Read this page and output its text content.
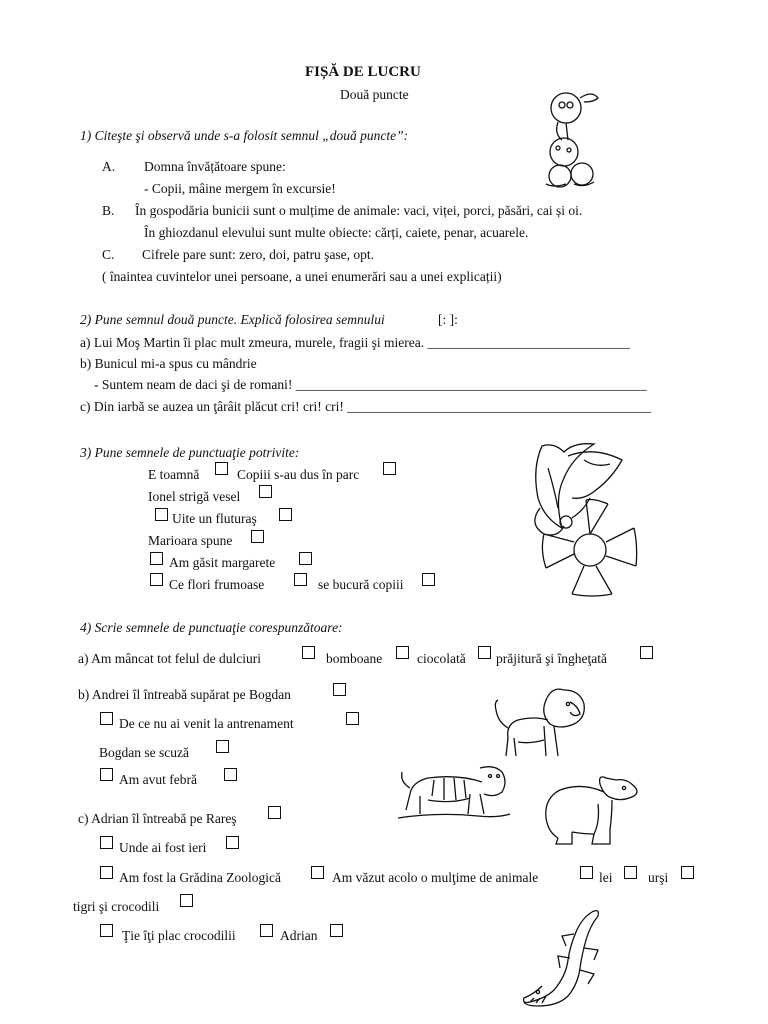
FIȘĂ DE LUCRU
Două puncte
1) Citeşte şi observă unde s-a folosit semnul „două puncte”:
A. Domna învățătoare spune:
- Copii, mâine mergem în excursie!
B. În gospodăria bunicii sunt o mulțime de animale: vaci, viței, porci, păsări, cai și oi.
În ghiozdanul elevului sunt multe obiecte: cărți, caiete, penar, acuarele.
C. Cifrele pare sunt: zero, doi, patru şase, opt.
( înaintea cuvintelor unei persoane, a unei enumerări sau a unei explicații)
2) Pune semnul două puncte. Explică folosirea semnului	[: ]:
a) Lui Moş Martin îi plac mult zmeura, murele, fragii şi mierea. ______________________________
b) Bunicul mi-a spus cu mândrie
- Suntem neam de daci şi de romani! ____________________________________________________
c) Din iarbă se auzea un ţârâit plăcut cri! cri! cri! _____________________________________________
3) Pune semnele de punctuaţie potrivite:
E toamnă	Copiii s-au dus în parc
Ionel strigă vesel
Uite un fluturaş
Marioara spune
Am găsit margarete
Ce flori frumoase	se bucură copiii
4) Scrie semnele de punctuaţie corespunzătoare:
a) Am mâncat tot felul de dulciuri	bomboane	ciocolată prăjitură şi îngheţată
b) Andrei îl întreabă supărat pe Bogdan
De ce nu ai venit la antrenament
Bogdan se scuză
Am avut febră
c) Adrian îl întreabă pe Rareş
Unde ai fost ieri
Am fost la Grădina Zoologică	Am văzut acolo o mulţime de animale	lei	urşi
tigri şi crocodili
Ţie îţi plac crocodilii	Adrian
